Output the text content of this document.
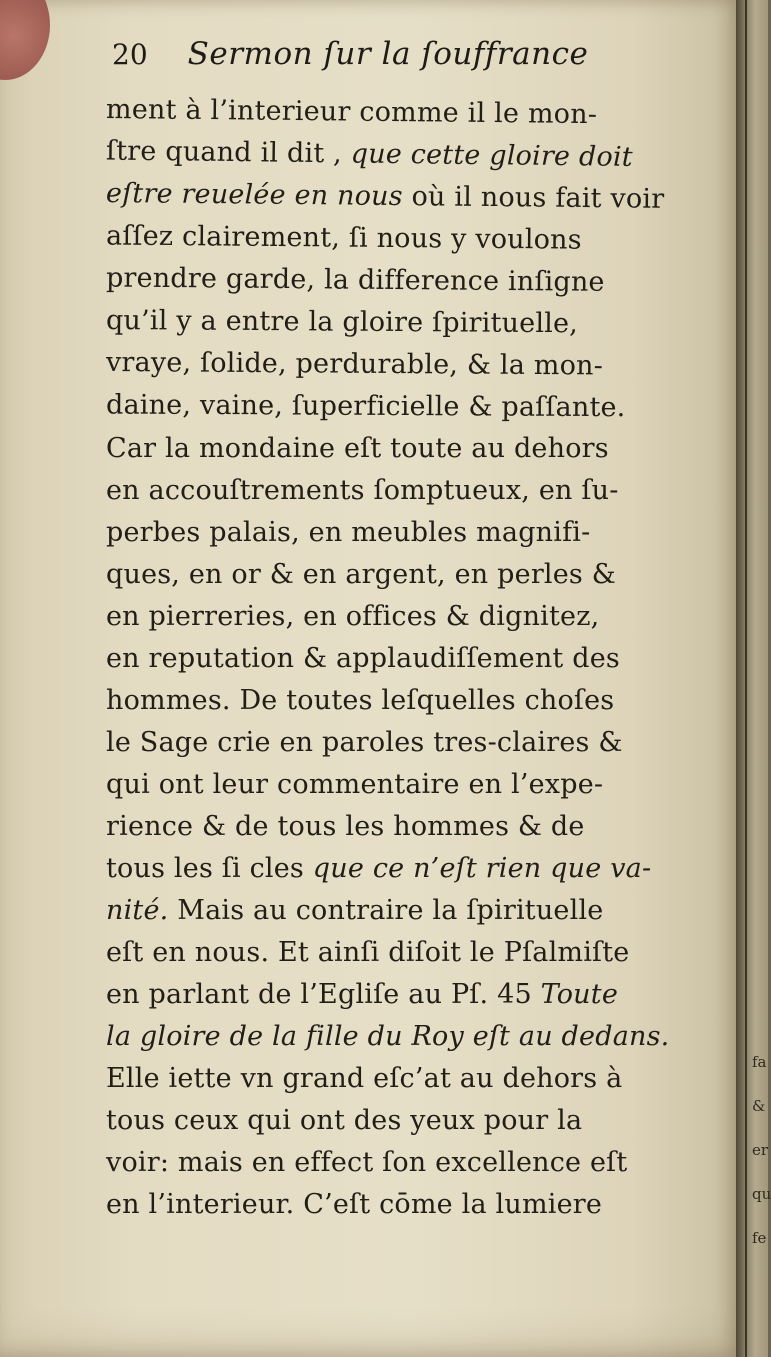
20 Sermon ſur la ſouffrance
ment à l’interieur comme il le mon-
ſtre quand il dit , que cette gloire doit
eſtre reuelée en nous où il nous fait voir
aſſez clairement, ſi nous y voulons
prendre garde, la difference inſigne
qu’il y a entre la gloire ſpirituelle,
vraye, ſolide, perdurable, & la mon-
daine, vaine, ſuperficielle & paſſante.
Car la mondaine eſt toute au dehors
en accouſtrements ſomptueux, en ſu-
perbes palais, en meubles magnifi-
ques, en or & en argent, en perles &
en pierreries, en offices & dignitez,
en reputation & applaudiſſement des
hommes. De toutes leſquelles choſes
le Sage crie en paroles tres-claires &
qui ont leur commentaire en l’expe-
rience & de tous les hommes & de
tous les ſi cles que ce n’eſt rien que va-
nité. Mais au contraire la ſpirituelle
eſt en nous. Et ainſi diſoit le Pſalmiſte
en parlant de l’Egliſe au Pſ. 45 Toute
la gloire de la fille du Roy eſt au dedans.
Elle iette vn grand eſc’at au dehors à
tous ceux qui ont des yeux pour la
voir: mais en effect ſon excellence eſt
en l’interieur. C’eſt cōme la lumiere
fa
&
er
qu
fe
